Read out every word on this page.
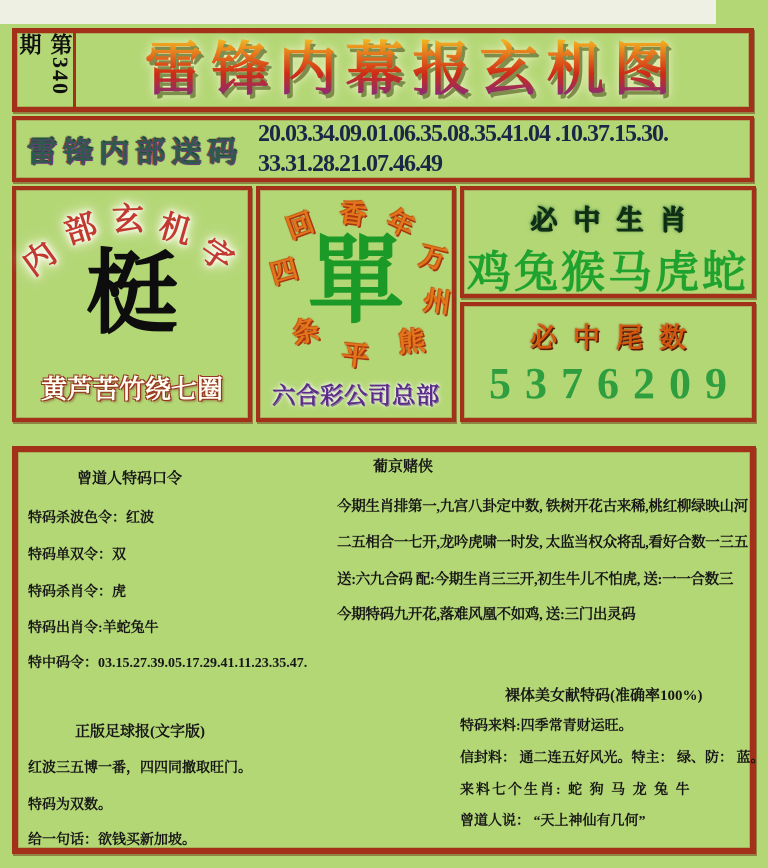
第340期	雷锋内幕报玄机图
雷锋内部送码
20.03.34.09.01.06.35.08.35.41.04 .10.37.15.30.
33.31.28.21.07.46.49
内
部 玄 机
字
梃
黄芦苦竹绕七圈
回 香 年
万
州
熊
平
条
四 單
六合彩公司总部
必中生肖
鸡兔猴马虎蛇
必中尾数
5376209
曾道人特码口令
特码杀波色令：红波
特码单双令：双
特码杀肖令：虎
特码出肖令:羊蛇兔牛
特中码令：03.15.27.39.05.17.29.41.11.23.35.47.
正版足球报(文字版)
红波三五博一番，四四同撤取旺门。
特码为双数。
给一句话：欲钱买新加坡。
葡京赌侠
今期生肖排第一,九宫八卦定中数, 铁树开花古来稀,桃红柳绿映山河
二五相合一七开,龙吟虎啸一时发, 太监当权众将乱,看好合数一三五
送:六九合码 配:今期生肖三三开,初生牛儿不怕虎, 送:一一合数三
今期特码九开花,落难风凰不如鸡, 送:三门出灵码
裸体美女献特码(准确率100%)
特码来料:四季常青财运旺。
信封料： 通二连五好风光。特主： 绿、防： 蓝。
来料七个生肖: 蛇 狗 马 龙 兔 牛
曾道人说： “天上神仙有几何”
